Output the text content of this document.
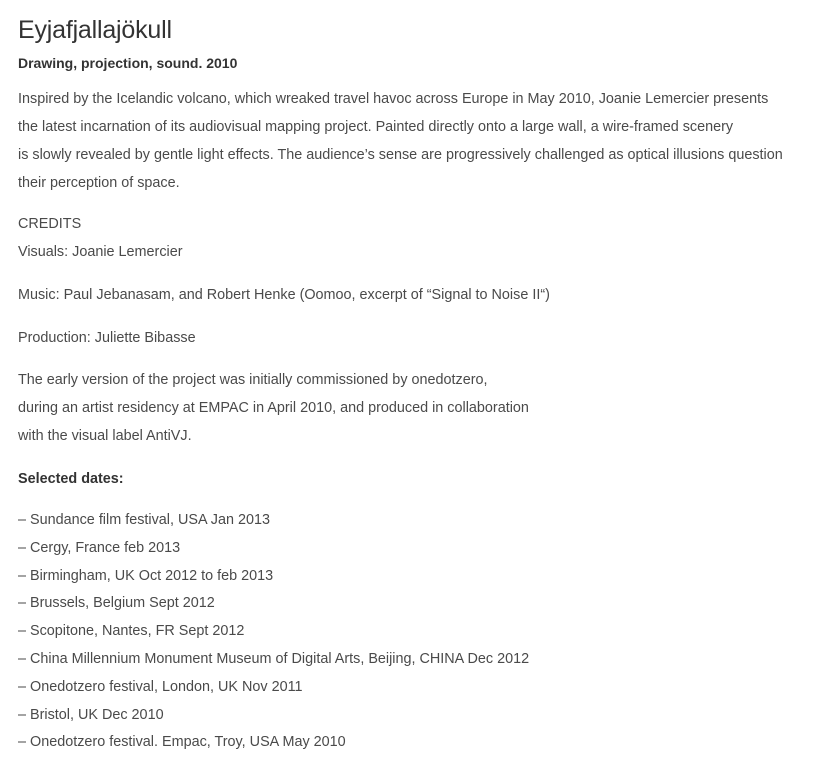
Eyjafjallajökull

Drawing, projection, sound. 2010

Inspired by the Icelandic volcano, which wreaked travel havoc across Europe in May 2010, Joanie Lemercier presents
the latest incarnation of its audiovisual mapping project. Painted directly onto a large wall, a wire-framed scenery
is slowly revealed by gentle light effects. The audience’s sense are progressively challenged as optical illusions question
their perception of space.

CREDITS

Visuals: Joanie Lemercier

Music: Paul Jebanasam, and Robert Henke (Oomoo, excerpt of “Signal to Noise II“)

Production: Juliette Bibasse

The early version of the project was initially commissioned by onedotzero,
during an artist residency at EMPAC in April 2010, and produced in collaboration
with the visual label AntiVJ.

Selected dates:

– Sundance film festival, USA Jan 2013
– Cergy, France feb 2013
– Birmingham, UK Oct 2012 to feb 2013
– Brussels, Belgium Sept 2012
– Scopitone, Nantes, FR Sept 2012
– China Millennium Monument Museum of Digital Arts, Beijing, CHINA Dec 2012
– Onedotzero festival, London, UK Nov 2011
– Bristol, UK Dec 2010
– Onedotzero festival. Empac, Troy, USA May 2010
